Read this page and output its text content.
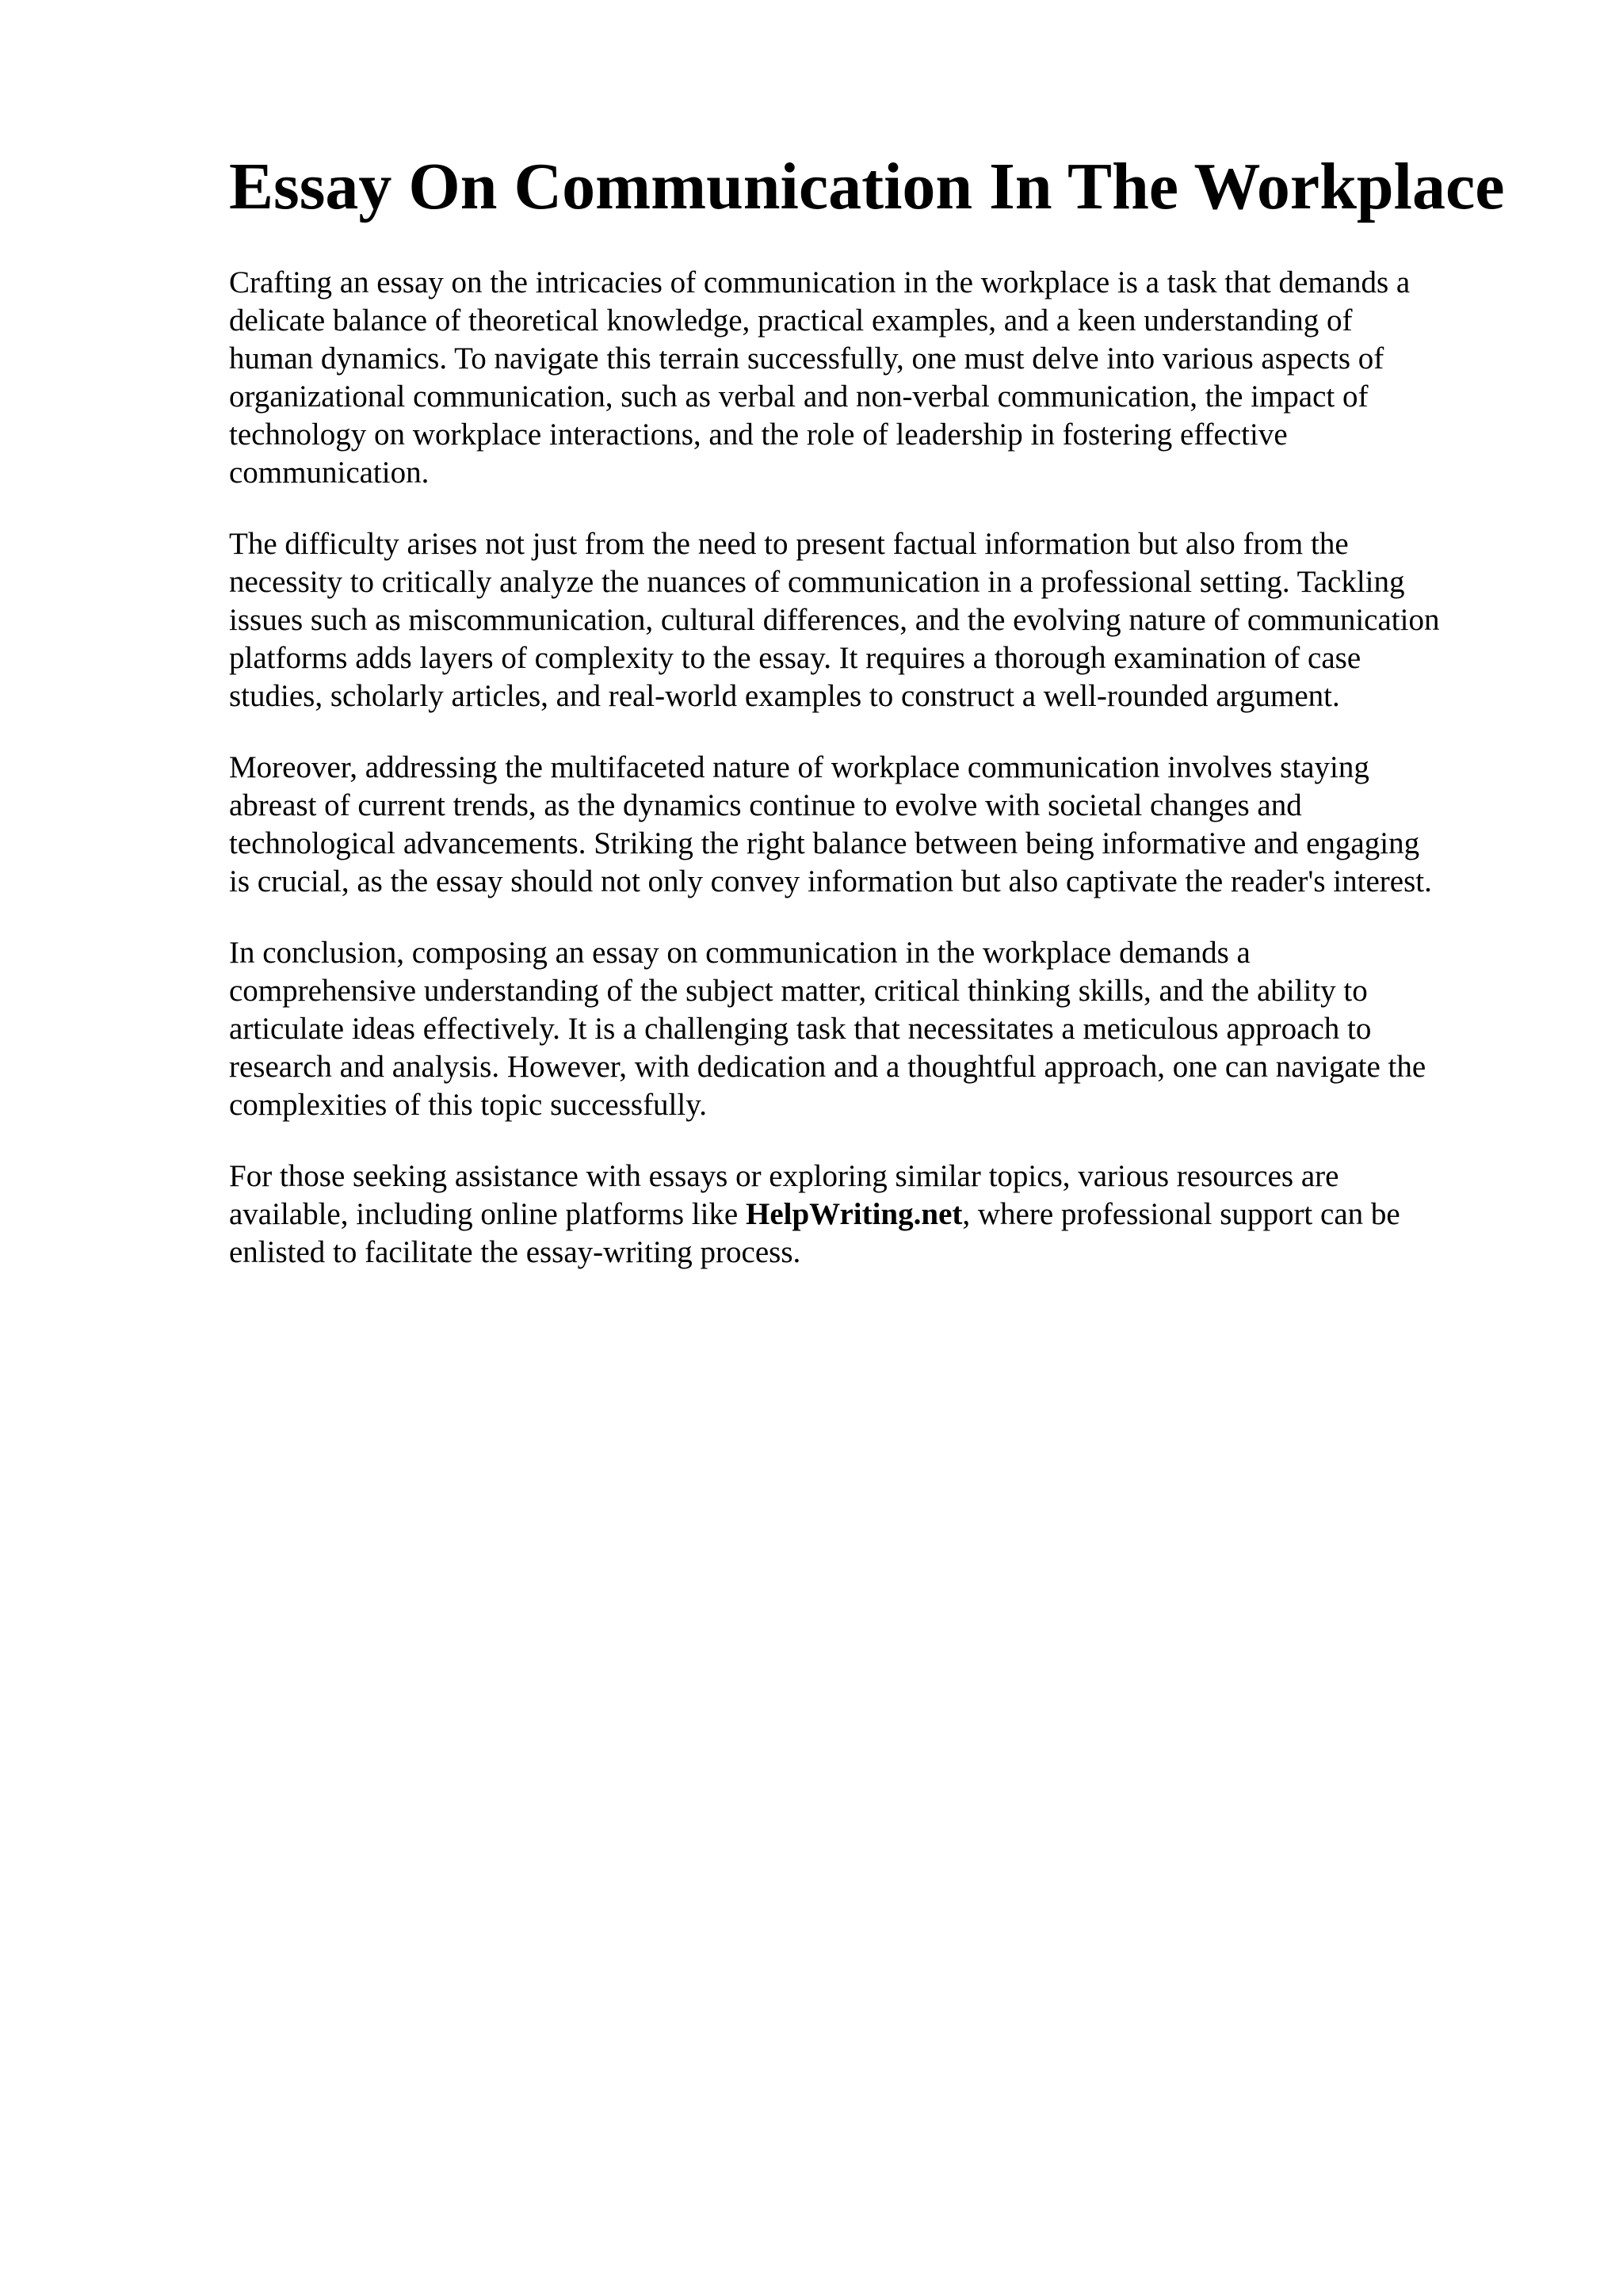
Essay On Communication In The Workplace

Crafting an essay on the intricacies of communication in the workplace is a task that demands a
delicate balance of theoretical knowledge, practical examples, and a keen understanding of
human dynamics. To navigate this terrain successfully, one must delve into various aspects of
organizational communication, such as verbal and non-verbal communication, the impact of
technology on workplace interactions, and the role of leadership in fostering effective
communication.

The difficulty arises not just from the need to present factual information but also from the
necessity to critically analyze the nuances of communication in a professional setting. Tackling
issues such as miscommunication, cultural differences, and the evolving nature of communication
platforms adds layers of complexity to the essay. It requires a thorough examination of case
studies, scholarly articles, and real-world examples to construct a well-rounded argument.

Moreover, addressing the multifaceted nature of workplace communication involves staying
abreast of current trends, as the dynamics continue to evolve with societal changes and
technological advancements. Striking the right balance between being informative and engaging
is crucial, as the essay should not only convey information but also captivate the reader's interest.

In conclusion, composing an essay on communication in the workplace demands a
comprehensive understanding of the subject matter, critical thinking skills, and the ability to
articulate ideas effectively. It is a challenging task that necessitates a meticulous approach to
research and analysis. However, with dedication and a thoughtful approach, one can navigate the
complexities of this topic successfully.

For those seeking assistance with essays or exploring similar topics, various resources are
available, including online platforms like HelpWriting.net, where professional support can be
enlisted to facilitate the essay-writing process.
